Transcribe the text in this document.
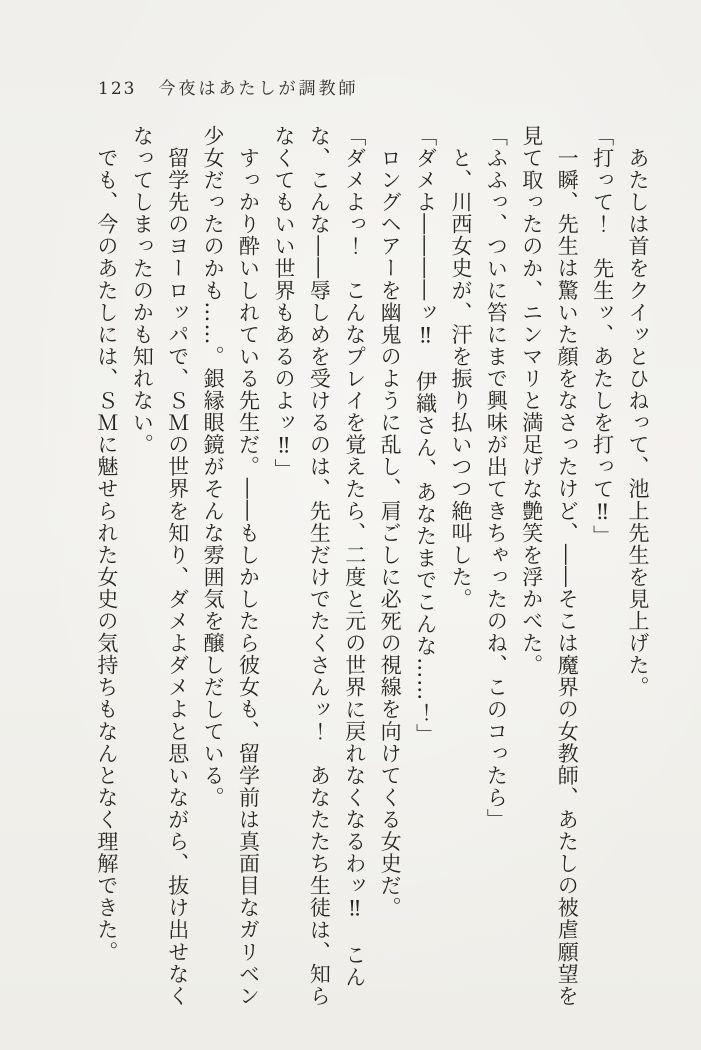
123 今夜はあたしが調教師

あたしは首をクイッとひねって、池上先生を見上げた。

「打って！　先生ッ、あたしを打って‼」

一瞬、先生は驚いた顔をなさったけど、――そこは魔界の女教師、あたしの被虐願望を見て取ったのか、ニンマリと満足げな艶笑を浮かべた。

「ふふっ、ついに笞にまで興味が出てきちゃったのね、このコったら」

と、川西女史が、汗を振り払いつつ絶叫した。

「ダメよ――――ッ‼　伊織さん、あなたまでこんな……！」

ロングヘアーを幽鬼のように乱し、肩ごしに必死の視線を向けてくる女史だ。

「ダメよっ！　こんなプレイを覚えたら、二度と元の世界に戻れなくなるわッ‼　こんな、こんな――辱しめを受けるのは、先生だけでたくさんッ！　あなたたち生徒は、知らなくてもいい世界もあるのよッ‼」

すっかり酔いしれている先生だ。――もしかしたら彼女も、留学前は真面目なガリベン少女だったのかも……。銀縁眼鏡がそんな雰囲気を醸しだしている。

留学先のヨーロッパで、ＳＭの世界を知り、ダメよダメよと思いながら、抜け出せなくなってしまったのかも知れない。

でも、今のあたしには、ＳＭに魅せられた女史の気持ちもなんとなく理解できた。
